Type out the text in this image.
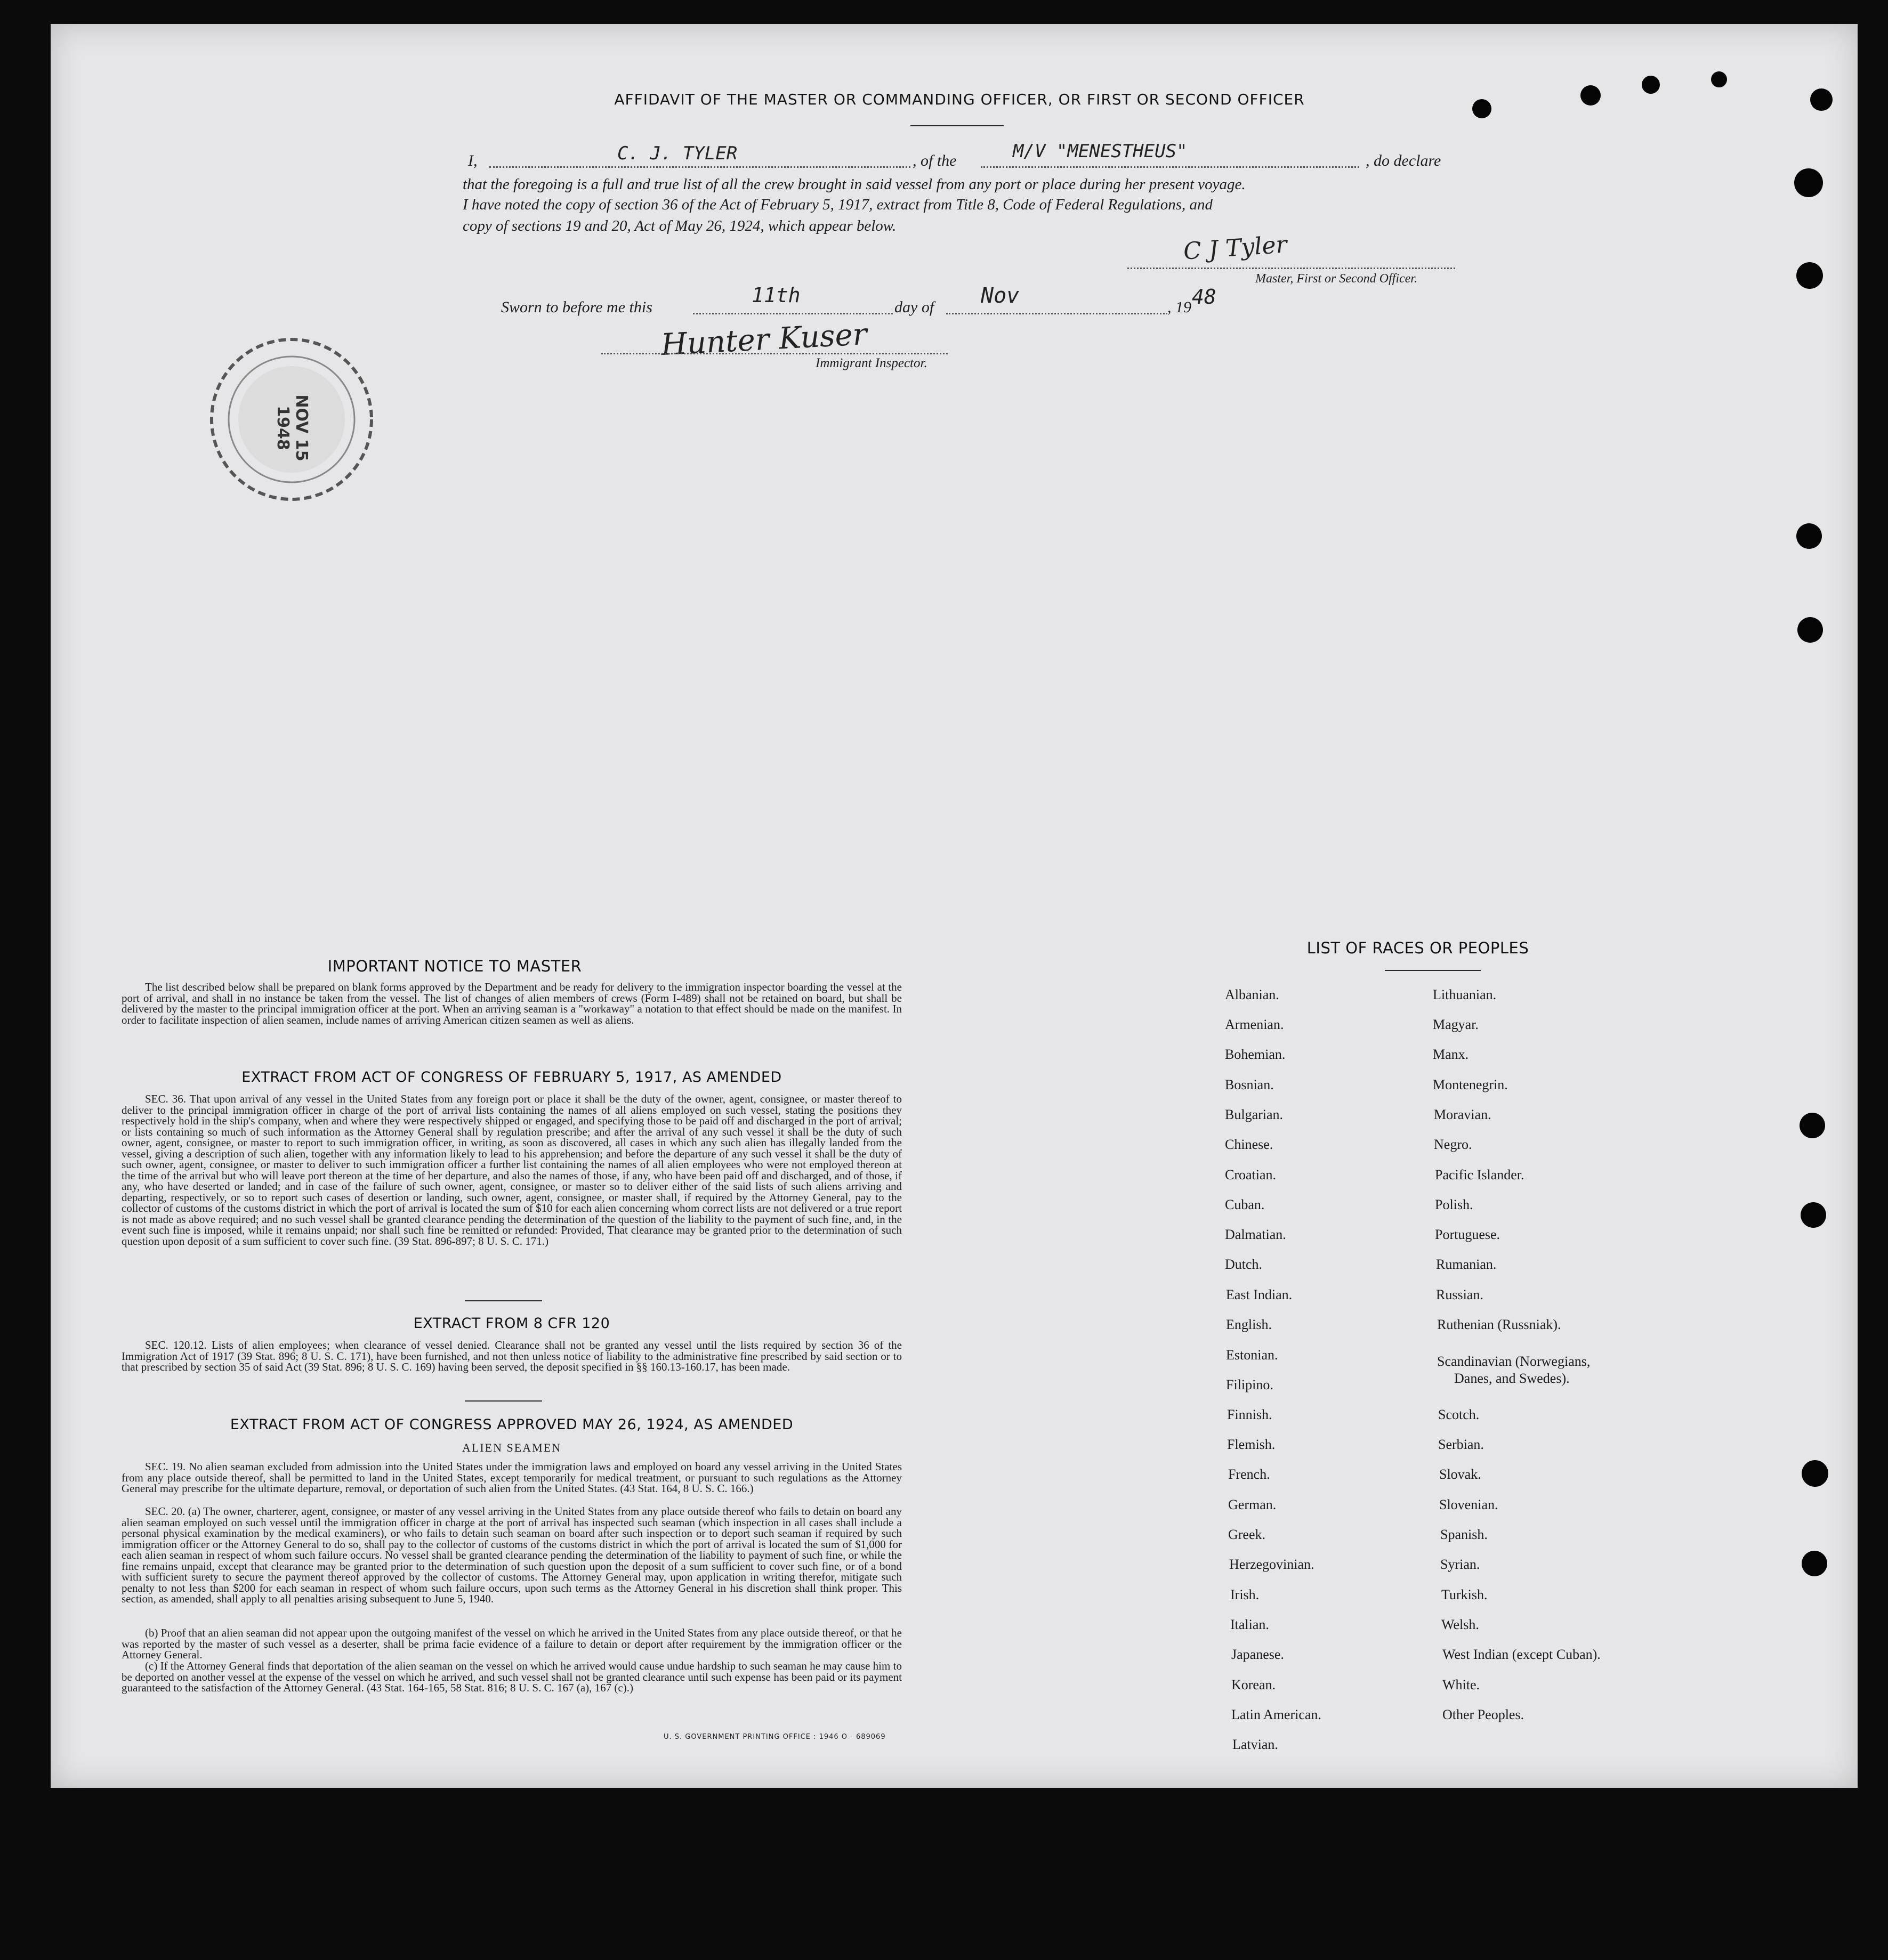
AFFIDAVIT OF THE MASTER OR COMMANDING OFFICER, OR FIRST OR SECOND OFFICER
I,	C. J. TYLER	, of the	M/V "MENESTHEUS"	, do declare
that the foregoing is a full and true list of all the crew brought in said vessel from any port or place during her present voyage.
I have noted the copy of section 36 of the Act of February 5, 1917, extract from Title 8, Code of Federal Regulations, and
copy of sections 19 and 20, Act of May 26, 1924, which appear below.
C J Tyler
Master, First or Second Officer.
Sworn to before me this
11th
day of Nov	, 19 48
Hunter Kuser
Immigrant Inspector.
NOV 15 1948
IMPORTANT NOTICE TO MASTER
The list described below shall be prepared on blank forms approved by the Department and be ready for delivery to the immigration inspector boarding the vessel at the port of arrival, and shall in no instance be taken from the vessel. The list of changes of alien members of crews (Form I-489) shall not be retained on board, but shall be delivered by the master to the principal immigration officer at the port. When an arriving seaman is a "workaway" a notation to that effect should be made on the manifest. In order to facilitate inspection of alien seamen, include names of arriving American citizen seamen as well as aliens.
EXTRACT FROM ACT OF CONGRESS OF FEBRUARY 5, 1917, AS AMENDED
SEC. 36. That upon arrival of any vessel in the United States from any foreign port or place it shall be the duty of the owner, agent, consignee, or master thereof to deliver to the principal immigration officer in charge of the port of arrival lists containing the names of all aliens employed on such vessel, stating the positions they respectively hold in the ship's company, when and where they were respectively shipped or engaged, and specifying those to be paid off and discharged in the port of arrival; or lists containing so much of such information as the Attorney General shall by regulation prescribe; and after the arrival of any such vessel it shall be the duty of such owner, agent, consignee, or master to report to such immigration officer, in writing, as soon as discovered, all cases in which any such alien has illegally landed from the vessel, giving a description of such alien, together with any information likely to lead to his apprehension; and before the departure of any such vessel it shall be the duty of such owner, agent, consignee, or master to deliver to such immigration officer a further list containing the names of all alien employees who were not employed thereon at the time of the arrival but who will leave port thereon at the time of her departure, and also the names of those, if any, who have been paid off and discharged, and of those, if any, who have deserted or landed; and in case of the failure of such owner, agent, consignee, or master so to deliver either of the said lists of such aliens arriving and departing, respectively, or so to report such cases of desertion or landing, such owner, agent, consignee, or master shall, if required by the Attorney General, pay to the collector of customs of the customs district in which the port of arrival is located the sum of $10 for each alien concerning whom correct lists are not delivered or a true report is not made as above required; and no such vessel shall be granted clearance pending the determination of the question of the liability to the payment of such fine, and, in the event such fine is imposed, while it remains unpaid; nor shall such fine be remitted or refunded: Provided, That clearance may be granted prior to the determination of such question upon deposit of a sum sufficient to cover such fine. (39 Stat. 896-897; 8 U. S. C. 171.)
EXTRACT FROM 8 CFR 120
SEC. 120.12. Lists of alien employees; when clearance of vessel denied. Clearance shall not be granted any vessel until the lists required by section 36 of the Immigration Act of 1917 (39 Stat. 896; 8 U. S. C. 171), have been furnished, and not then unless notice of liability to the administrative fine prescribed by said section or to that prescribed by section 35 of said Act (39 Stat. 896; 8 U. S. C. 169) having been served, the deposit specified in §§ 160.13-160.17, has been made.
EXTRACT FROM ACT OF CONGRESS APPROVED MAY 26, 1924, AS AMENDED
ALIEN SEAMEN
SEC. 19. No alien seaman excluded from admission into the United States under the immigration laws and employed on board any vessel arriving in the United States from any place outside thereof, shall be permitted to land in the United States, except temporarily for medical treatment, or pursuant to such regulations as the Attorney General may prescribe for the ultimate departure, removal, or deportation of such alien from the United States. (43 Stat. 164, 8 U. S. C. 166.)
SEC. 20. (a) The owner, charterer, agent, consignee, or master of any vessel arriving in the United States from any place outside thereof who fails to detain on board any alien seaman employed on such vessel until the immigration officer in charge at the port of arrival has inspected such seaman (which inspection in all cases shall include a personal physical examination by the medical examiners), or who fails to detain such seaman on board after such inspection or to deport such seaman if required by such immigration officer or the Attorney General to do so, shall pay to the collector of customs of the customs district in which the port of arrival is located the sum of $1,000 for each alien seaman in respect of whom such failure occurs. No vessel shall be granted clearance pending the determination of the liability to payment of such fine, or while the fine remains unpaid, except that clearance may be granted prior to the determination of such question upon the deposit of a sum sufficient to cover such fine, or of a bond with sufficient surety to secure the payment thereof approved by the collector of customs. The Attorney General may, upon application in writing therefor, mitigate such penalty to not less than $200 for each seaman in respect of whom such failure occurs, upon such terms as the Attorney General in his discretion shall think proper. This section, as amended, shall apply to all penalties arising subsequent to June 5, 1940.
(b) Proof that an alien seaman did not appear upon the outgoing manifest of the vessel on which he arrived in the United States from any place outside thereof, or that he was reported by the master of such vessel as a deserter, shall be prima facie evidence of a failure to detain or deport after requirement by the immigration officer or the Attorney General.
(c) If the Attorney General finds that deportation of the alien seaman on the vessel on which he arrived would cause undue hardship to such seaman he may cause him to be deported on another vessel at the expense of the vessel on which he arrived, and such vessel shall not be granted clearance until such expense has been paid or its payment guaranteed to the satisfaction of the Attorney General. (43 Stat. 164-165, 58 Stat. 816; 8 U. S. C. 167 (a), 167 (c).)
U. S. GOVERNMENT PRINTING OFFICE : 1946 O - 689069
LIST OF RACES OR PEOPLES
Albanian.
Armenian.
Bohemian.
Bosnian.
Bulgarian.
Chinese.
Croatian.
Cuban.
Dalmatian.
Dutch.
East Indian.
English.
Estonian.
Filipino.
Finnish.
Flemish.
French.
German.
Greek.
Herzegovinian.
Irish.
Italian.
Japanese.
Korean.
Latin American.
Latvian.
Lithuanian.
Magyar.
Manx.
Montenegrin.
Moravian.
Negro.
Pacific Islander.
Polish.
Portuguese.
Rumanian.
Russian.
Ruthenian (Russniak).
Scandinavian (Norwegians,
Danes, and Swedes).
Scotch.
Serbian.
Slovak.
Slovenian.
Spanish.
Syrian.
Turkish.
Welsh.
West Indian (except Cuban).
White.
Other Peoples.
